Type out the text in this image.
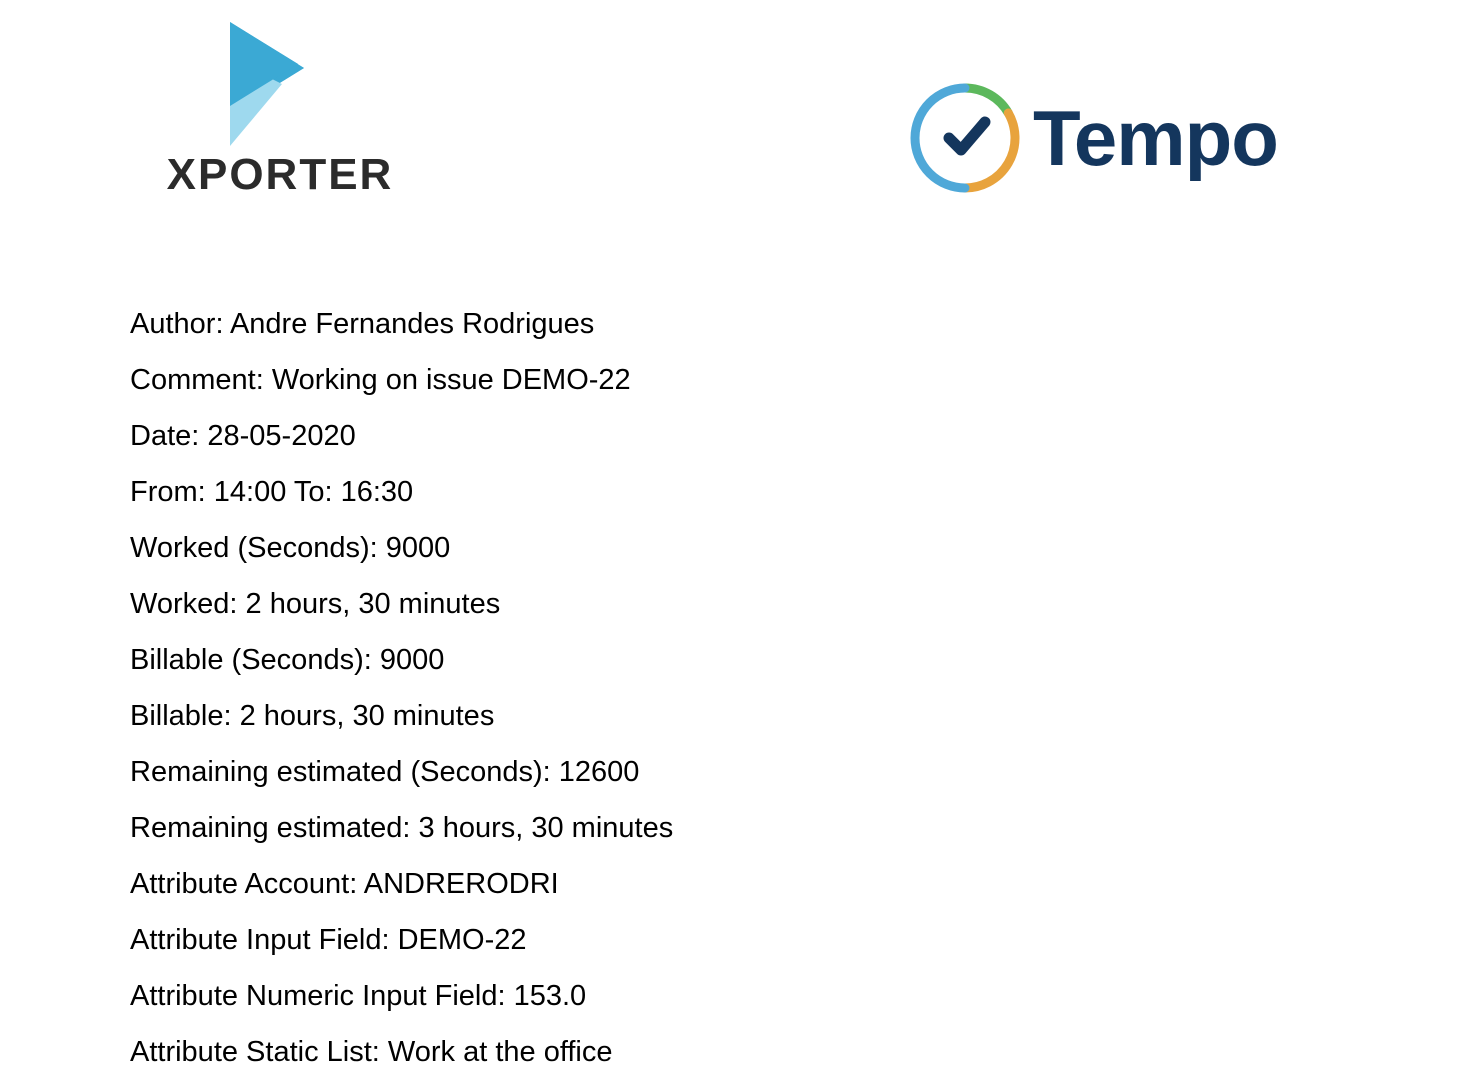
XPORTER	Tempo
Author: Andre Fernandes Rodrigues
Comment: Working on issue DEMO-22
Date: 28-05-2020
From: 14:00 To: 16:30
Worked (Seconds): 9000
Worked: 2 hours, 30 minutes
Billable (Seconds): 9000
Billable: 2 hours, 30 minutes
Remaining estimated (Seconds): 12600
Remaining estimated: 3 hours, 30 minutes
Attribute Account: ANDRERODRI
Attribute Input Field: DEMO-22
Attribute Numeric Input Field: 153.0
Attribute Static List: Work at the office
